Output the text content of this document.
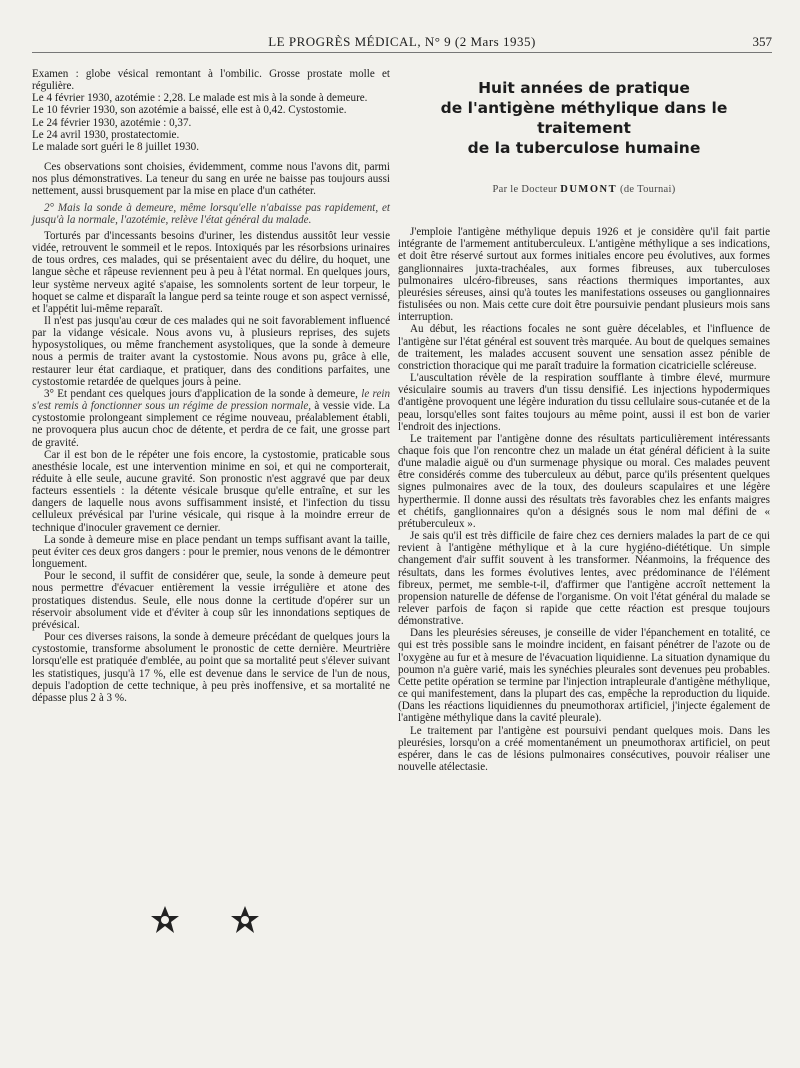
LE PROGRÈS MÉDICAL, N° 9 (2 Mars 1935)	357

Examen : globe vésical remontant à l'ombilic. Grosse prostate molle et régulière.

Le 4 février 1930, azotémie : 2,28. Le malade est mis à la sonde à demeure.

Le 10 février 1930, son azotémie a baissé, elle est à 0,42. Cystostomie.

Le 24 février 1930, azotémie : 0,37.

Le 24 avril 1930, prostatectomie.

Le malade sort guéri le 8 juillet 1930.

Ces observations sont choisies, évidemment, comme nous l'avons dit, parmi nos plus démonstratives. La teneur du sang en urée ne baisse pas toujours aussi nettement, aussi brusquement par la mise en place d'un cathéter.

2° Mais la sonde à demeure, même lorsqu'elle n'abaisse pas rapidement, et jusqu'à la normale, l'azotémie, relève l'état général du malade.

Torturés par d'incessants besoins d'uriner, les distendus aussitôt leur vessie vidée, retrouvent le sommeil et le repos. Intoxiqués par les résorbsions urinaires de tous ordres, ces malades, qui se présentaient avec du délire, du hoquet, une langue sèche et râpeuse reviennent peu à peu à l'état normal. En quelques jours, leur système nerveux agité s'apaise, les somnolents sortent de leur torpeur, le hoquet se calme et disparaît la langue perd sa teinte rouge et son aspect vernissé, et l'appétit lui-même reparaît.

Il n'est pas jusqu'au cœur de ces malades qui ne soit favorablement influencé par la vidange vésicale. Nous avons vu, à plusieurs reprises, des sujets hyposystoliques, ou même franchement asystoliques, que la sonde à demeure nous a permis de traiter avant la cystostomie. Nous avons pu, grâce à elle, restaurer leur état cardiaque, et pratiquer, dans des conditions parfaites, une cystostomie retardée de quelques jours à peine.

3° Et pendant ces quelques jours d'application de la sonde à demeure, le rein s'est remis à fonctionner sous un régime de pression normale, à vessie vide. La cystostomie prolongeant simplement ce régime nouveau, préalablement établi, ne provoquera plus aucun choc de détente, et perdra de ce fait, une grosse part de gravité.

Car il est bon de le répéter une fois encore, la cystostomie, praticable sous anesthésie locale, est une intervention minime en soi, et qui ne comporterait, réduite à elle seule, aucune gravité. Son pronostic n'est aggravé que par deux facteurs essentiels : la détente vésicale brusque qu'elle entraîne, et sur les dangers de laquelle nous avons suffisamment insisté, et l'infection du tissu celluleux prévésical par l'urine vésicale, qui risque à la moindre erreur de technique d'inoculer gravement ce dernier.

La sonde à demeure mise en place pendant un temps suffisant avant la taille, peut éviter ces deux gros dangers : pour le premier, nous venons de le démontrer longuement.

Pour le second, il suffit de considérer que, seule, la sonde à demeure peut nous permettre d'évacuer entièrement la vessie irrégulière et atone des prostatiques distendus. Seule, elle nous donne la certitude d'opérer sur un réservoir absolument vide et d'éviter à coup sûr les innondations septiques de prévésical.

Pour ces diverses raisons, la sonde à demeure précédant de quelques jours la cystostomie, transforme absolument le pronostic de cette dernière. Meurtrière lorsqu'elle est pratiquée d'emblée, au point que sa mortalité peut s'élever suivant les statistiques, jusqu'à 17 %, elle est devenue dans le service de l'un de nous, depuis l'adoption de cette technique, à peu près inoffensive, et sa mortalité ne dépasse plus 2 à 3 %.

Huit années de pratique

de l'antigène méthylique dans le traitement

de la tuberculose humaine

Par le Docteur DUMONT (de Tournai)

J'emploie l'antigène méthylique depuis 1926 et je considère qu'il fait partie intégrante de l'armement antituberculeux. L'antigène méthylique a ses indications, et doit être réservé surtout aux formes initiales encore peu évolutives, aux formes ganglionnaires juxta-trachéales, aux formes fibreuses, aux tuberculoses pulmonaires ulcéro-fibreuses, sans réactions thermiques importantes, aux pleurésies séreuses, ainsi qu'à toutes les manifestations osseuses ou ganglionnaires fistulisées ou non. Mais cette cure doit être poursuivie pendant plusieurs mois sans interruption.

Au début, les réactions focales ne sont guère décelables, et l'influence de l'antigène sur l'état général est souvent très marquée. Au bout de quelques semaines de traitement, les malades accusent souvent une sensation assez pénible de constriction thoracique qui me paraît traduire la formation cicatricielle scléreuse.

L'auscultation révèle de la respiration soufflante à timbre élevé, murmure vésiculaire soumis au travers d'un tissu densifié. Les injections hypodermiques d'antigène provoquent une légère induration du tissu cellulaire sous-cutanée et de la peau, lorsqu'elles sont faites toujours au même point, aussi il est bon de varier l'endroit des injections.

Le traitement par l'antigène donne des résultats particulièrement intéressants chaque fois que l'on rencontre chez un malade un état général déficient à la suite d'une maladie aiguë ou d'un surmenage physique ou moral. Ces malades peuvent être considérés comme des tuberculeux au début, parce qu'ils présentent quelques signes pulmonaires avec de la toux, des douleurs scapulaires et une légère hyperthermie. Il donne aussi des résultats très favorables chez les enfants maigres et chétifs, ganglionnaires qu'on a désignés sous le nom mal défini de « prétuberculeux ».

Je sais qu'il est très difficile de faire chez ces derniers malades la part de ce qui revient à l'antigène méthylique et à la cure hygiéno-diététique. Un simple changement d'air suffit souvent à les transformer. Néanmoins, la fréquence des résultats, dans les formes évolutives lentes, avec prédominance de l'élément fibreux, permet, me semble-t-il, d'affirmer que l'antigène accroît nettement la propension naturelle de défense de l'organisme. On voit l'état général du malade se relever parfois de façon si rapide que cette réaction est presque toujours démonstrative.

Dans les pleurésies séreuses, je conseille de vider l'épanchement en totalité, ce qui est très possible sans le moindre incident, en faisant pénétrer de l'azote ou de l'oxygène au fur et à mesure de l'évacuation liquidienne. La situation dynamique du poumon n'a guère varié, mais les synéchies pleurales sont devenues peu probables. Cette petite opération se termine par l'injection intrapleurale d'antigène méthylique, ce qui manifestement, dans la plupart des cas, empêche la reproduction du liquide. (Dans les réactions liquidiennes du pneumothorax artificiel, j'injecte également de l'antigène méthylique dans la cavité pleurale).

Le traitement par l'antigène est poursuivi pendant quelques mois. Dans les pleurésies, lorsqu'on a créé momentanément un pneumothorax artificiel, on peut espérer, dans le cas de lésions pulmonaires consécutives, pouvoir réaliser une nouvelle atélectasie.
